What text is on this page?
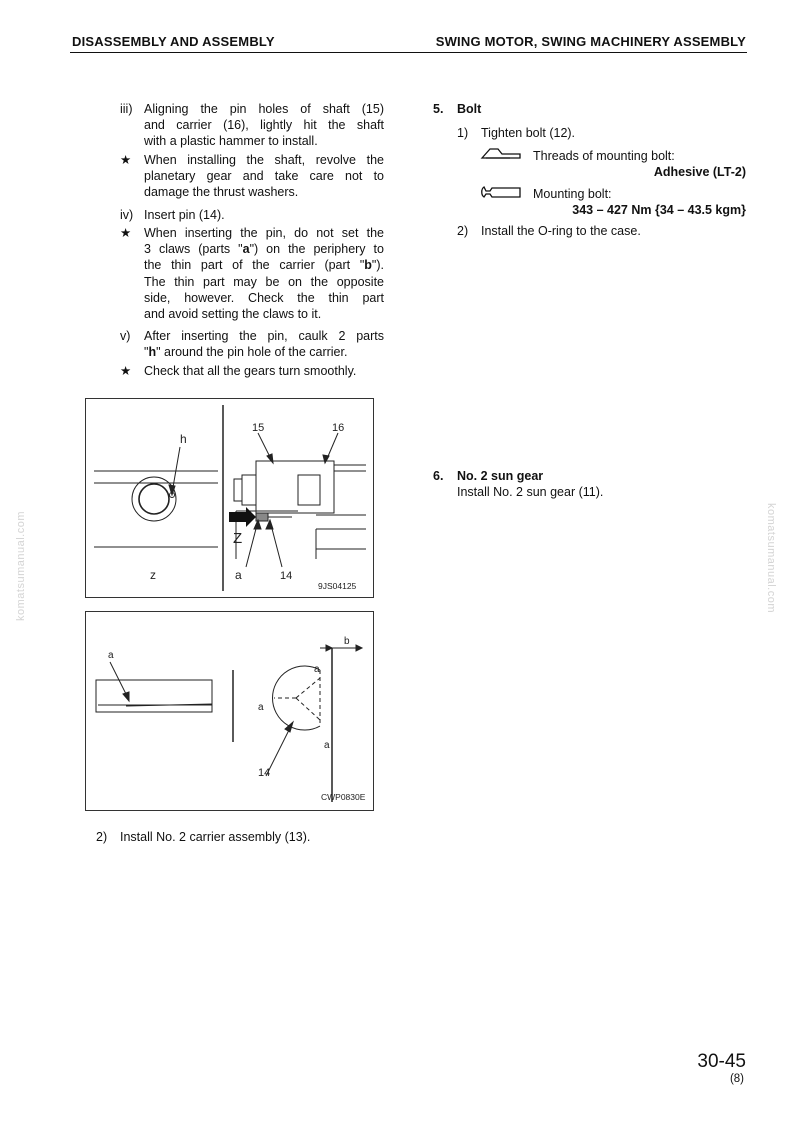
DISASSEMBLY AND ASSEMBLY	SWING MOTOR, SWING MACHINERY ASSEMBLY
komatsumanual.com	komatsumanual.com
iii) Aligning the pin holes of shaft (15)
and carrier (16), lightly hit the shaft
with a plastic hammer to install.
★ When installing the shaft, revolve the
planetary gear and take care not to
damage the thrust washers.
iv) Insert pin (14).
★ When inserting the pin, do not set the
3 claws (parts "a") on the periphery to
the thin part of the carrier (part "b").
The thin part may be on the opposite
side, however. Check the thin part
and avoid setting the claws to it.
v) After inserting the pin, caulk 2 parts
"h" around the pin hole of the carrier.
★ Check that all the gears turn smoothly.
h
15	16
Z
a	14
z
9JS04125
a
a
a
a
b
14
CWP0830E
2) Install No. 2 carrier assembly (13).
5. Bolt
1) Tighten bolt (12).
Threads of mounting bolt:
Adhesive (LT-2)
Mounting bolt:
343 – 427 Nm {34 – 43.5 kgm}
2) Install the O-ring to the case.
6. No. 2 sun gear
Install No. 2 sun gear (11).
30-45
(8)
